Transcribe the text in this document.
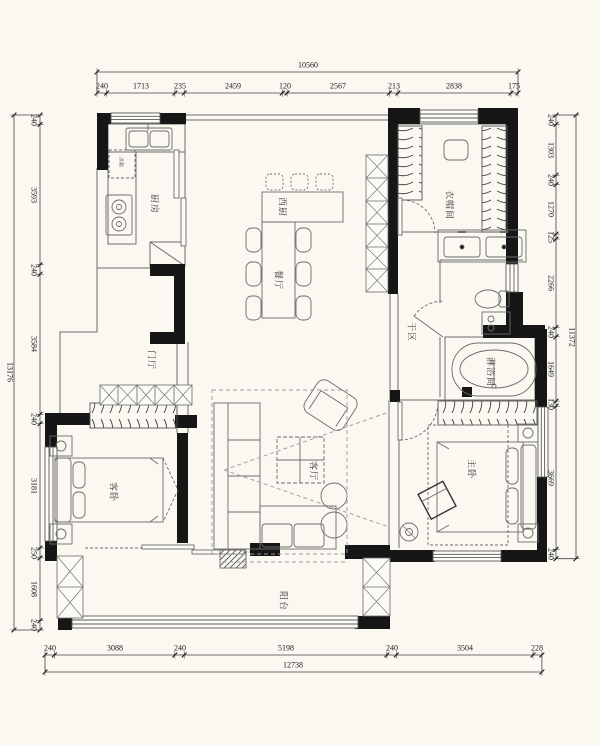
厨房
冰箱
西厨
餐厅
衣帽间
干区
淋浴间
门厅
客厅
客卧
主卧
阳台
10560
240	1713	235	2459	120	2567	213	2838	175
12738
240	3088	240	5198	240	3504	228
13176
240
3593
240
3584
240
3181
250
1608
240
11372
240
1303
240
1270
125
2266
240
1649
130
3669
240
